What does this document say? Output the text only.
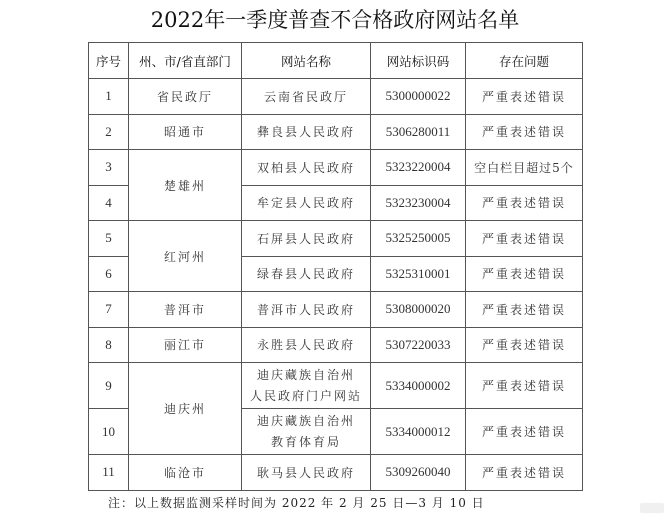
2022年一季度普查不合格政府网站名单
序号	州、市/省直部门	网站名称	网站标识码	存在问题
1	省民政厅	云南省民政厅	5300000022	严重表述错误
2	昭通市	彝良县人民政府	5306280011	严重表述错误
3	楚雄州	双柏县人民政府	5323220004	空白栏目超过5个
4		牟定县人民政府	5323230004	严重表述错误
5	红河州	石屏县人民政府	5325250005	严重表述错误
6		绿春县人民政府	5325310001	严重表述错误
7	普洱市	普洱市人民政府	5308000020	严重表述错误
8	丽江市	永胜县人民政府	5307220033	严重表述错误
9	迪庆州	迪庆藏族自治州
人民政府门户网站	5334000002	严重表述错误
10		迪庆藏族自治州
教育体育局	5334000012	严重表述错误
11	临沧市	耿马县人民政府	5309260040	严重表述错误
注：以上数据监测采样时间为 2022 年 2 月 25 日—3 月 10 日
